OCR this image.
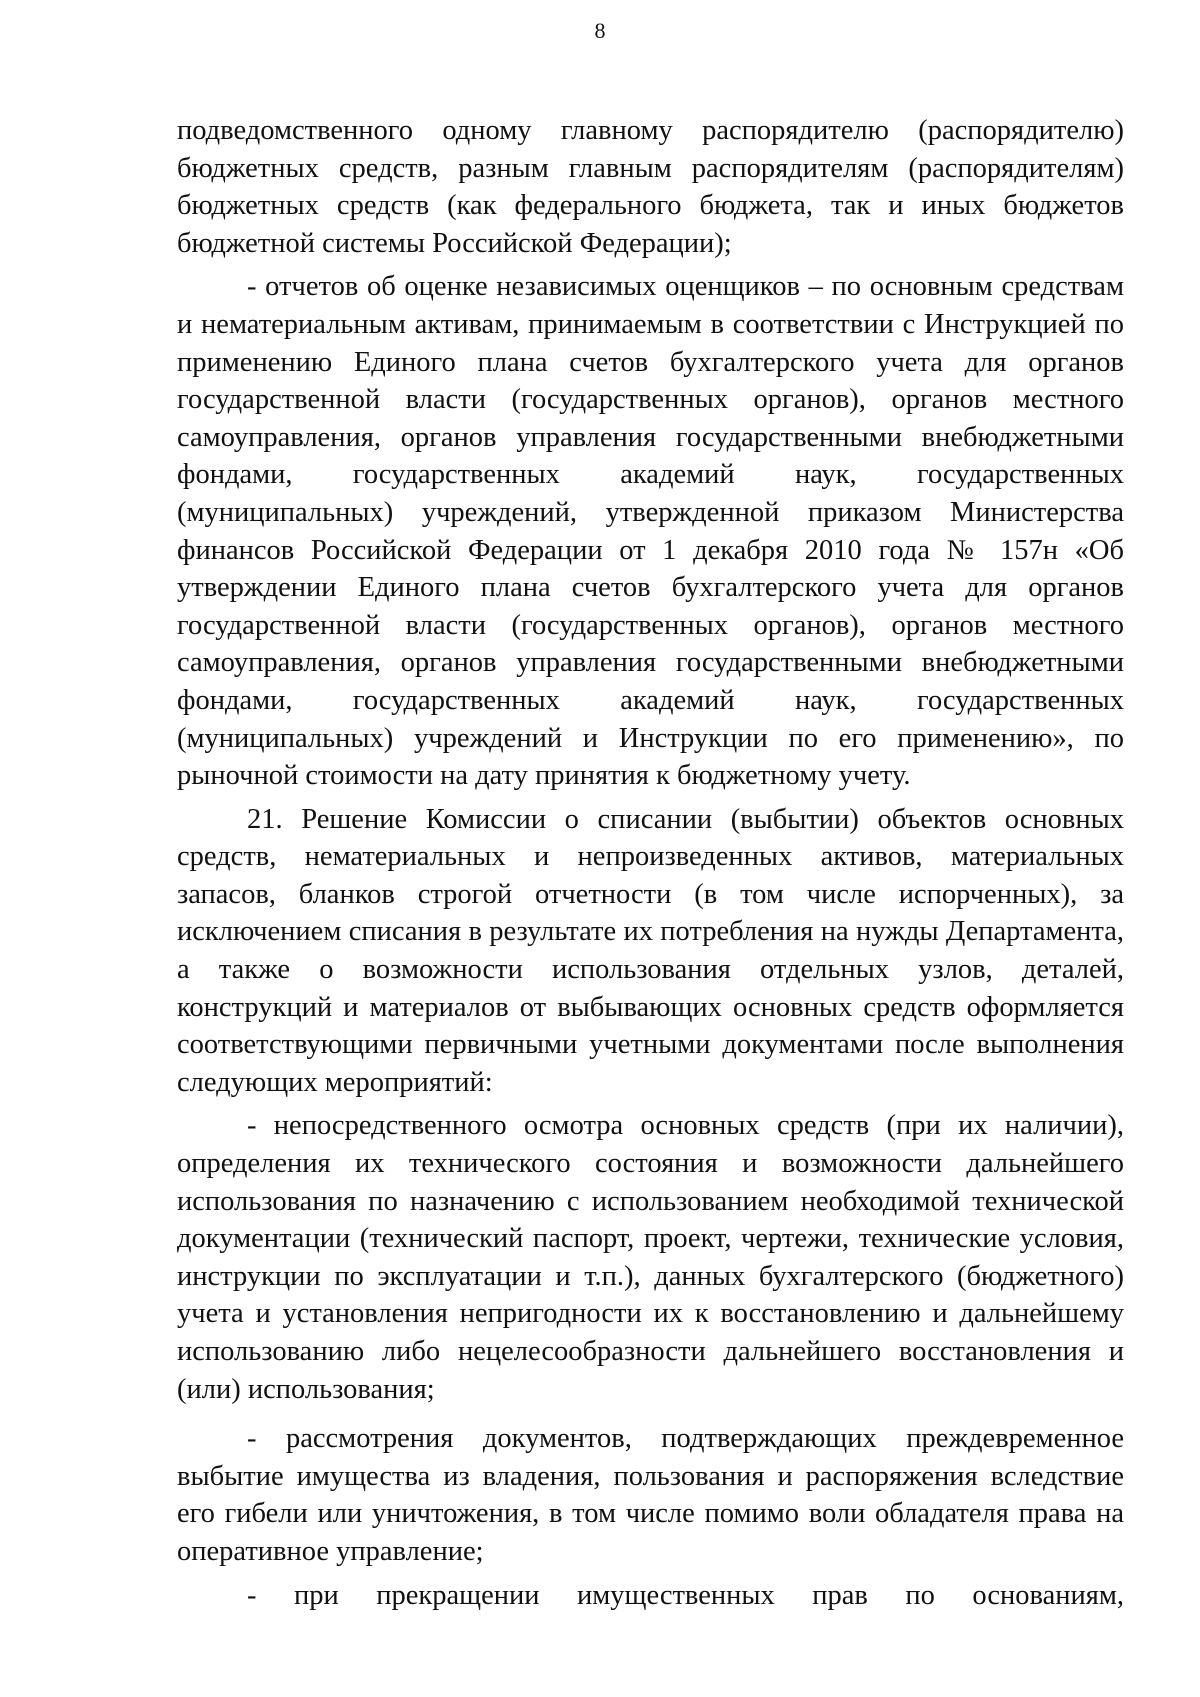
8

подведомственного одному главному распорядителю (распорядителю) бюджетных средств, разным главным распорядителям (распорядителям) бюджетных средств (как федерального бюджета, так и иных бюджетов бюджетной системы Российской Федерации);

- отчетов об оценке независимых оценщиков – по основным средствам и нематериальным активам, принимаемым в соответствии с Инструкцией по применению Единого плана счетов бухгалтерского учета для органов государственной власти (государственных органов), органов местного самоуправления, органов управления государственными внебюджетными фондами, государственных академий наук, государственных (муниципальных) учреждений, утвержденной приказом Министерства финансов Российской Федерации от 1 декабря 2010 года № 157н «Об утверждении Единого плана счетов бухгалтерского учета для органов государственной власти (государственных органов), органов местного самоуправления, органов управления государственными внебюджетными фондами, государственных академий наук, государственных (муниципальных) учреждений и Инструкции по его применению», по рыночной стоимости на дату принятия к бюджетному учету.

21. Решение Комиссии о списании (выбытии) объектов основных средств, нематериальных и непроизведенных активов, материальных запасов, бланков строгой отчетности (в том числе испорченных), за исключением списания в результате их потребления на нужды Департамента, а также о возможности использования отдельных узлов, деталей, конструкций и материалов от выбывающих основных средств оформляется соответствующими первичными учетными документами после выполнения следующих мероприятий:

- непосредственного осмотра основных средств (при их наличии), определения их технического состояния и возможности дальнейшего использования по назначению с использованием необходимой технической документации (технический паспорт, проект, чертежи, технические условия, инструкции по эксплуатации и т.п.), данных бухгалтерского (бюджетного) учета и установления непригодности их к восстановлению и дальнейшему использованию либо нецелесообразности дальнейшего восстановления и (или) использования;

- рассмотрения документов, подтверждающих преждевременное выбытие имущества из владения, пользования и распоряжения вследствие его гибели или уничтожения, в том числе помимо воли обладателя права на оперативное управление;

- при прекращении имущественных прав по основаниям,
